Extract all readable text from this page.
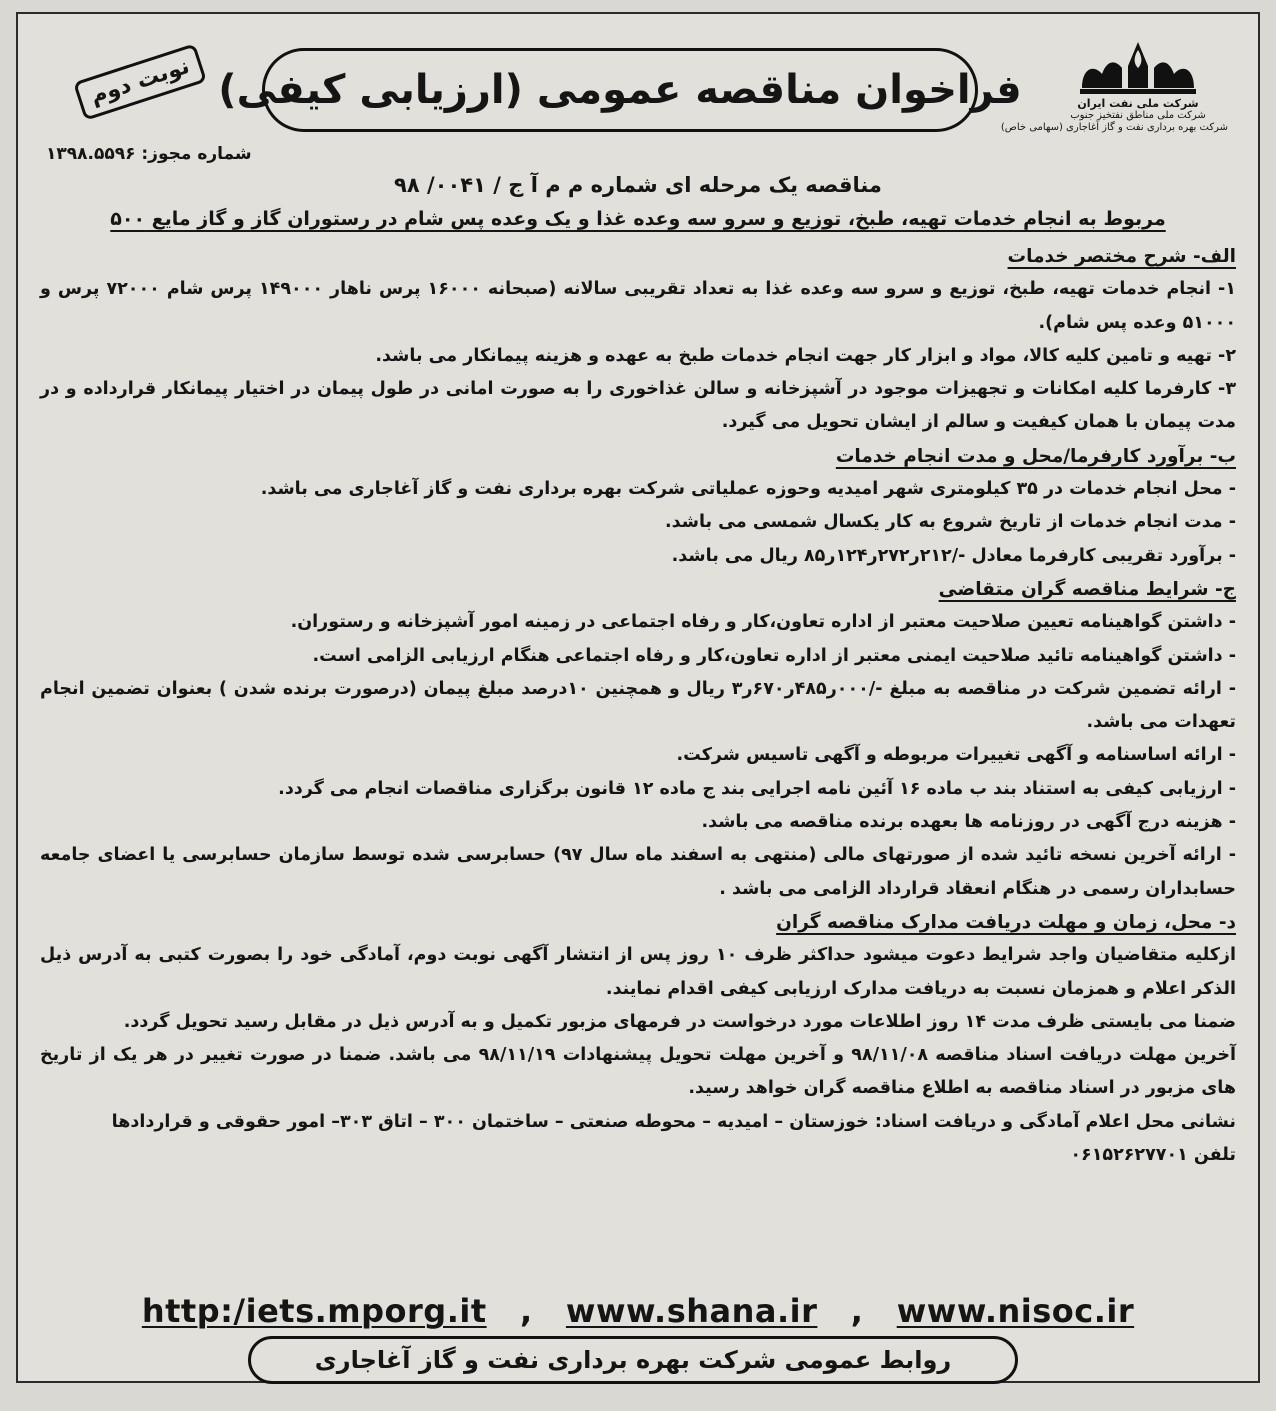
شرکت ملی نفت ایران
شرکت ملی مناطق نفتخیز جنوب
شرکت بهره برداری نفت و گاز آغاجاری (سهامی خاص)
فراخوان مناقصه عمومی (ارزیابی کیفی)
نوبت دوم
شماره مجوز: ۱۳۹۸.۵۵۹۶
مناقصه یک مرحله ای شماره م م آ ج / ۰۰۴۱/ ۹۸
مربوط به انجام خدمات تهیه، طبخ، توزیع و سرو سه وعده غذا و یک وعده پس شام در رستوران گاز و گاز مایع ۵۰۰

الف- شرح مختصر خدمات

۱- انجام خدمات تهیه، طبخ، توزیع و سرو سه وعده غذا به تعداد تقریبی سالانه (صبحانه ۱۶۰۰۰ پرس ناهار ۱۴۹۰۰۰ پرس شام ۷۲۰۰۰ پرس و ۵۱۰۰۰ وعده پس شام).

۲- تهیه و تامین کلیه کالا، مواد و ابزار کار جهت انجام خدمات طبخ به عهده و هزینه پیمانکار می باشد.

۳- کارفرما کلیه امکانات و تجهیزات موجود در آشپزخانه و سالن غذاخوری را به صورت امانی در طول پیمان در اختیار پیمانکار قرارداده و در مدت پیمان با همان کیفیت و سالم از ایشان تحویل می گیرد.

ب- برآورد کارفرما/محل و مدت انجام خدمات

- محل انجام خدمات در ۳۵ کیلومتری شهر امیدیه وحوزه عملیاتی شرکت بهره برداری نفت و گاز آغاجاری می باشد.

- مدت انجام خدمات از تاریخ شروع به کار یکسال شمسی می باشد.

- برآورد تقریبی کارفرما معادل -/۲۱۲ر۲۷۲ر۱۲۴ر۸۵ ریال می باشد.

ج- شرایط مناقصه گران متقاضی

- داشتن گواهینامه تعیین صلاحیت معتبر از اداره تعاون،کار و رفاه اجتماعی در زمینه امور آشپزخانه و رستوران.

- داشتن گواهینامه تائید صلاحیت ایمنی معتبر از اداره تعاون،کار و رفاه اجتماعی هنگام ارزیابی الزامی است.

- ارائه تضمین شرکت در مناقصه به مبلغ -/۰۰۰ر۴۸۵ر۶۷۰ر۳ ریال و همچنین ۱۰درصد مبلغ پیمان (درصورت برنده شدن ) بعنوان تضمین انجام تعهدات می باشد.

- ارائه اساسنامه و آگهی تغییرات مربوطه و آگهی تاسیس شرکت.

- ارزیابی کیفی به استناد بند ب ماده ۱۶ آئین نامه اجرایی بند ج ماده ۱۲ قانون برگزاری مناقصات انجام می گردد.

- هزینه درج آگهی در روزنامه ها بعهده برنده مناقصه می باشد.

- ارائه آخرین نسخه تائید شده از صورتهای مالی (منتهی به اسفند ماه سال ۹۷) حسابرسی شده توسط سازمان حسابرسی یا اعضای جامعه حسابداران رسمی در هنگام انعقاد قرارداد الزامی می باشد .

د- محل، زمان و مهلت دریافت مدارک مناقصه گران

ازکلیه متقاضیان واجد شرایط دعوت میشود حداکثر ظرف ۱۰ روز پس از انتشار آگهی نوبت دوم، آمادگی خود را بصورت کتبی به آدرس ذیل الذکر اعلام و همزمان نسبت به دریافت مدارک ارزیابی کیفی اقدام نمایند.

ضمنا می بایستی ظرف مدت ۱۴ روز اطلاعات مورد درخواست در فرمهای مزبور تکمیل و به آدرس ذیل در مقابل رسید تحویل گردد.

آخرین مهلت دریافت اسناد مناقصه ۹۸/۱۱/۰۸ و آخرین مهلت تحویل پیشنهادات ۹۸/۱۱/۱۹ می باشد. ضمنا در صورت تغییر در هر یک از تاریخ های مزبور در اسناد مناقصه به اطلاع مناقصه گران خواهد رسید.

نشانی محل اعلام آمادگی و دریافت اسناد: خوزستان – امیدیه – محوطه صنعتی – ساختمان ۳۰۰ – اتاق ۳۰۳– امور حقوقی و قراردادها

تلفن ۰۶۱۵۲۶۲۷۷۰۱

http:/iets.mporg.it , www.shana.ir , www.nisoc.ir
روابط عمومی شرکت بهره برداری نفت و گاز آغاجاری
